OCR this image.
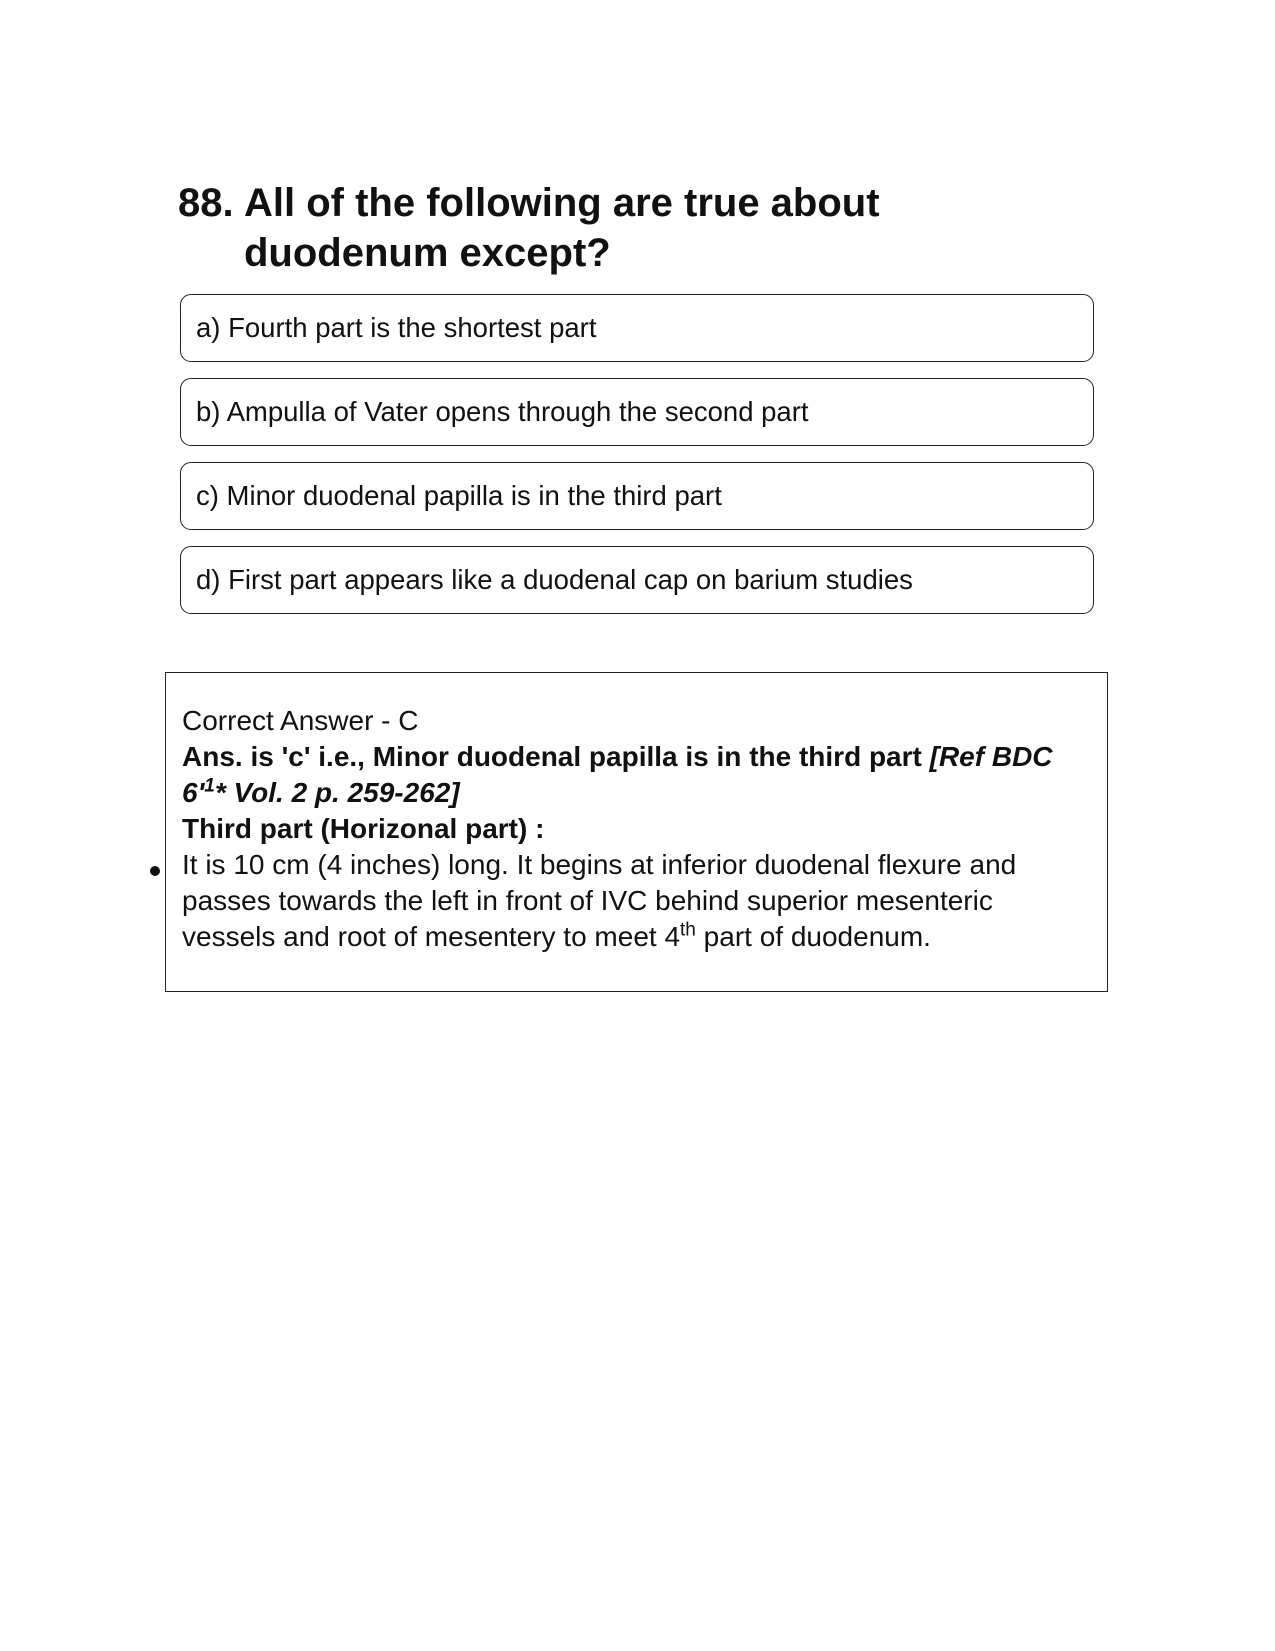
88. All of the following are true about duodenum except?
a) Fourth part is the shortest part
b) Ampulla of Vater opens through the second part
c) Minor duodenal papilla is in the third part
d) First part appears like a duodenal cap on barium studies

Correct Answer - C

Ans. is 'c' i.e., Minor duodenal papilla is in the third part [Ref BDC $6'^1*$ Vol. 2 p. 259-262]

Third part (Horizonal part) :

It is 10 cm (4 inches) long. It begins at inferior duodenal flexure and passes towards the left in front of IVC behind superior mesenteric vessels and root of mesentery to meet 4th part of duodenum.
